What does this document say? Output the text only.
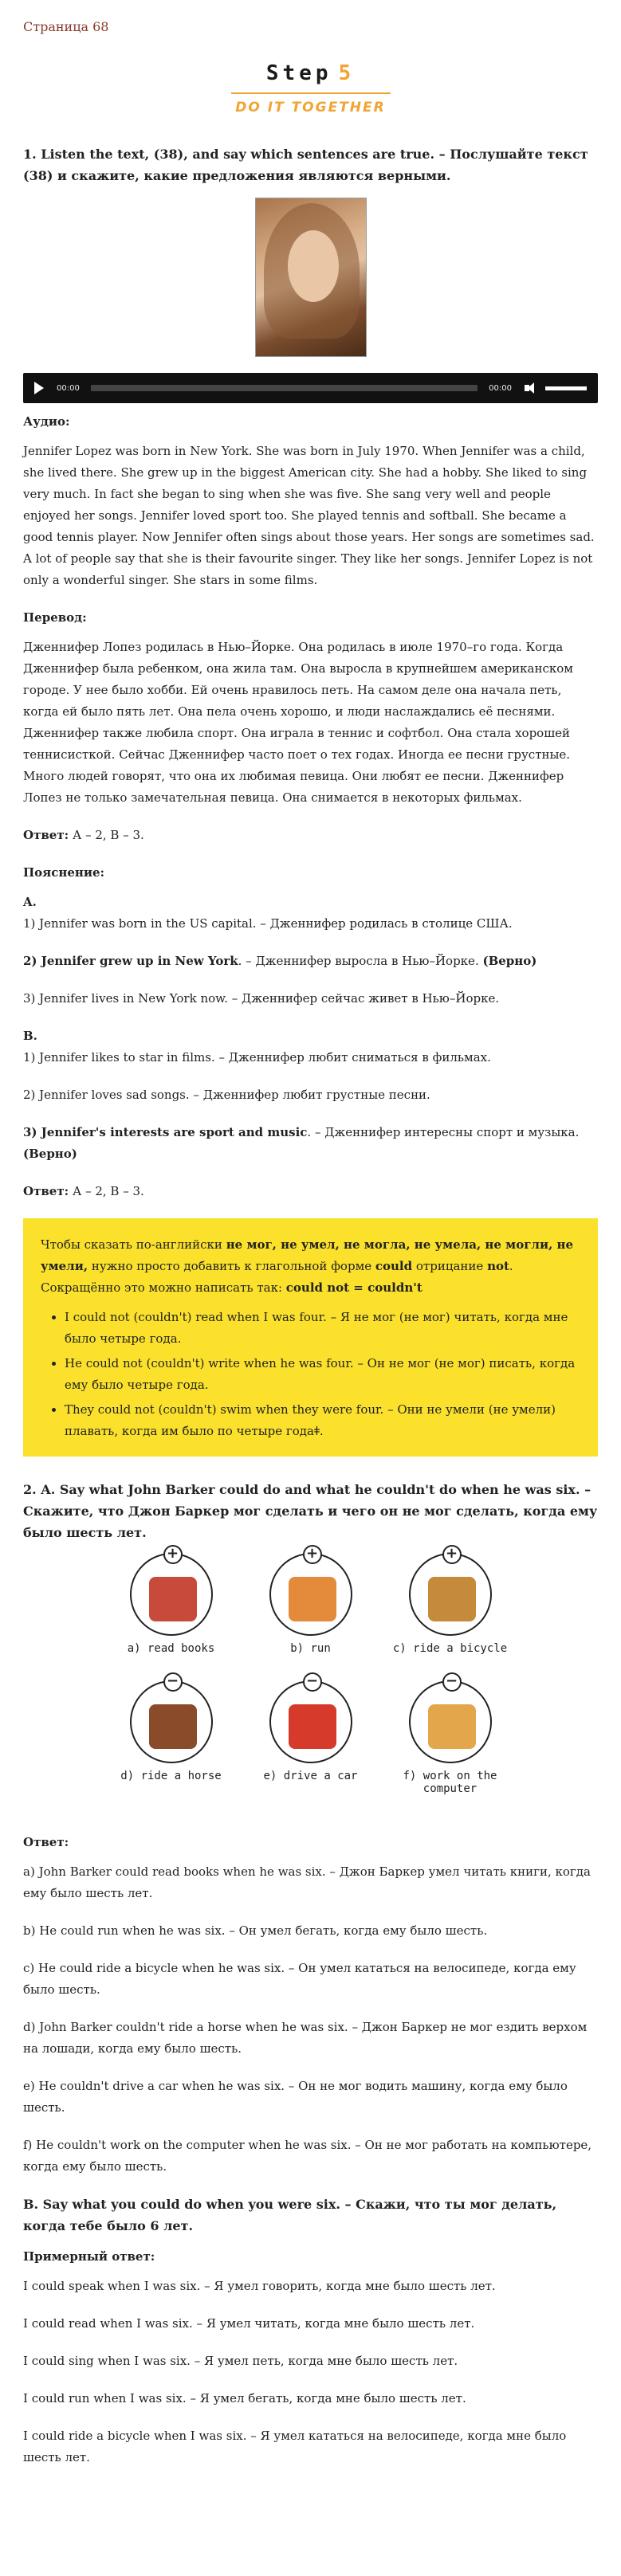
Страница 68
Step 5
DO IT TOGETHER
1. Listen the text, (38), and say which sentences are true. – Послушайте текст (38) и скажите, какие предложения являются верными.
00:00	00:00
Аудио:

Jennifer Lopez was born in New York. She was born in July 1970. When Jennifer was a child, she lived there. She grew up in the biggest American city. She had a hobby. She liked to sing very much. In fact she began to sing when she was five. She sang very well and people enjoyed her songs. Jennifer loved sport too. She played tennis and softball. She became a good tennis player. Now Jennifer often sings about those years. Her songs are sometimes sad. A lot of people say that she is their favourite singer. They like her songs. Jennifer Lopez is not only a wonderful singer. She stars in some films.

Перевод:

Дженнифер Лопез родилась в Нью–Йорке. Она родилась в июле 1970–го года. Когда Дженнифер была ребенком, она жила там. Она выросла в крупнейшем американском городе. У нее было хобби. Ей очень нравилось петь. На самом деле она начала петь, когда ей было пять лет. Она пела очень хорошо, и люди наслаждались её песнями. Дженнифер также любила спорт. Она играла в теннис и софтбол. Она стала хорошей теннисисткой. Сейчас Дженнифер часто поет о тех годах. Иногда ее песни грустные. Много людей говорят, что она их любимая певица. Они любят ее песни. Дженнифер Лопез не только замечательная певица. Она снимается в некоторых фильмах.

Ответ: А – 2, В – 3.

Пояснение:
A.

1) Jennifer was born in the US capital. – Дженнифер родилась в столице США.

2) Jennifer grew up in New York. – Дженнифер выросла в Нью–Йорке. (Верно)

3) Jennifer lives in New York now. – Дженнифер сейчас живет в Нью–Йорке.

B.

1) Jennifer likes to star in films. – Дженнифер любит сниматься в фильмах.

2) Jennifer loves sad songs. – Дженнифер любит грустные песни.

3) Jennifer's interests are sport and music. – Дженнифер интересны спорт и музыка. (Верно)

Ответ: А – 2, В – 3.

Чтобы сказать по-английски не мог, не умел, не могла, не умела, не могли, не умели, нужно просто добавить к глагольной форме could отрицание not. Сокращённо это можно написать так: could not = couldn't

• I could not (couldn't) read when I was four. – Я не мог (не мог) читать, когда мне было четыре года.
• He could not (couldn't) write when he was four. – Он не мог (не мог) писать, когда ему было четыре года.
• They could not (couldn't) swim when they were four. – Они не умели (не умели) плавать, когда им было по четыре годаǂ.
2. A. Say what John Barker could do and what he couldn't do when he was six. – Скажите, что Джон Баркер мог сделать и чего он не мог сделать, когда ему было шесть лет.
+
a) read books
+
b) run
+
c) ride a bicycle
−
d) ride a horse
−
e) drive a car
−
f) work on the computer
Ответ:

a) John Barker could read books when he was six. – Джон Баркер умел читать книги, когда ему было шесть лет.

b) He could run when he was six. – Он умел бегать, когда ему было шесть.

c) He could ride a bicycle when he was six. – Он умел кататься на велосипеде, когда ему было шесть.

d) John Barker couldn't ride a horse when he was six. – Джон Баркер не мог ездить верхом на лошади, когда ему было шесть.

e) He couldn't drive a car when he was six. – Он не мог водить машину, когда ему было шесть.

f) He couldn't work on the computer when he was six. – Он не мог работать на компьютере, когда ему было шесть.

B. Say what you could do when you were six. – Скажи, что ты мог делать, когда тебе было 6 лет.
Примерный ответ:

I could speak when I was six. – Я умел говорить, когда мне было шесть лет.

I could read when I was six. – Я умел читать, когда мне было шесть лет.

I could sing when I was six. – Я умел петь, когда мне было шесть лет.

I could run when I was six. – Я умел бегать, когда мне было шесть лет.

I could ride a bicycle when I was six. – Я умел кататься на велосипеде, когда мне было шесть лет.
